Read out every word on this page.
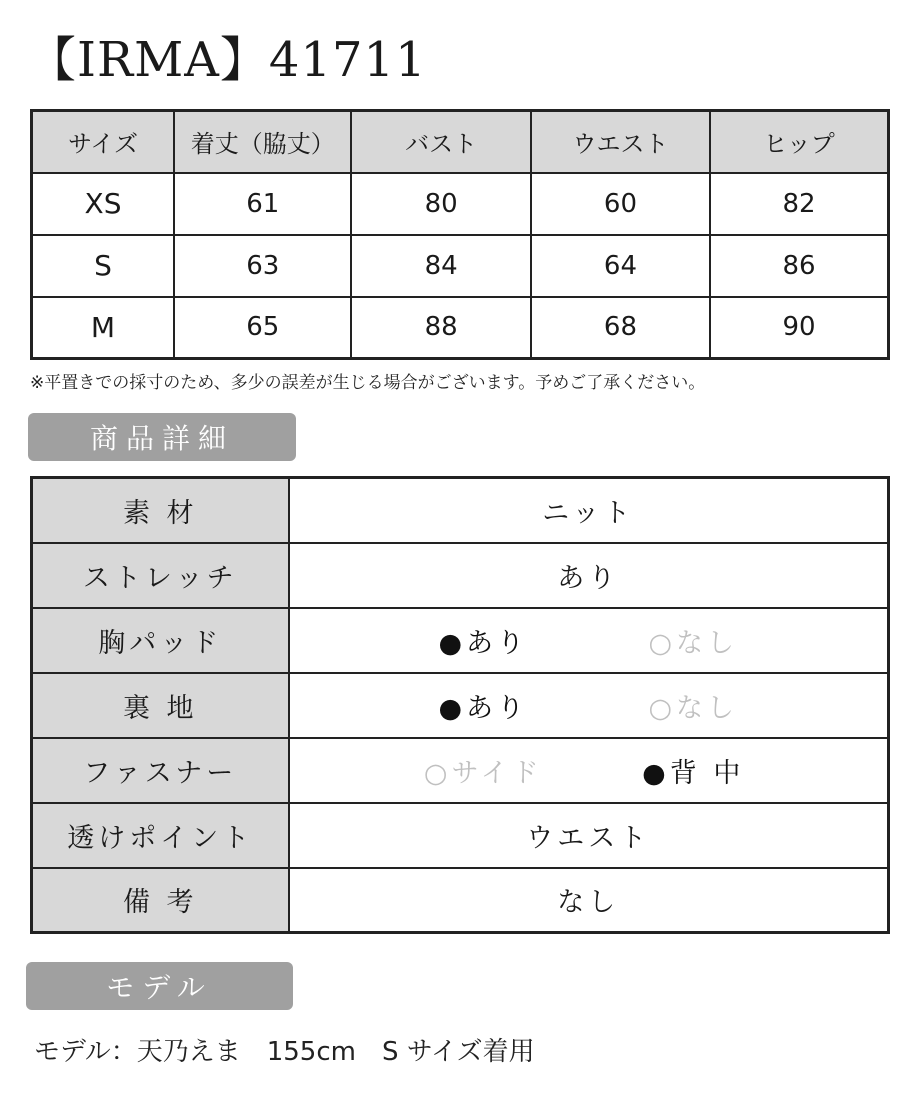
【IRMA】41711
サイズ	着丈（脇丈）	バスト	ウエスト	ヒップ
XS	61	80	60	82
S	63	84	64	86
M	65	88	68	90
※平置きでの採寸のため、多少の誤差が生じる場合がございます。予めご了承ください。
商品詳細
素 材	ニット
ストレッチ	あり
胸パッド	●あり ○なし
裏 地	●あり ○なし
ファスナー	○サイド ●背 中
透けポイント	ウエスト
備 考	なし
モデル
モデル：天乃えま　155cm　S サイズ着用
